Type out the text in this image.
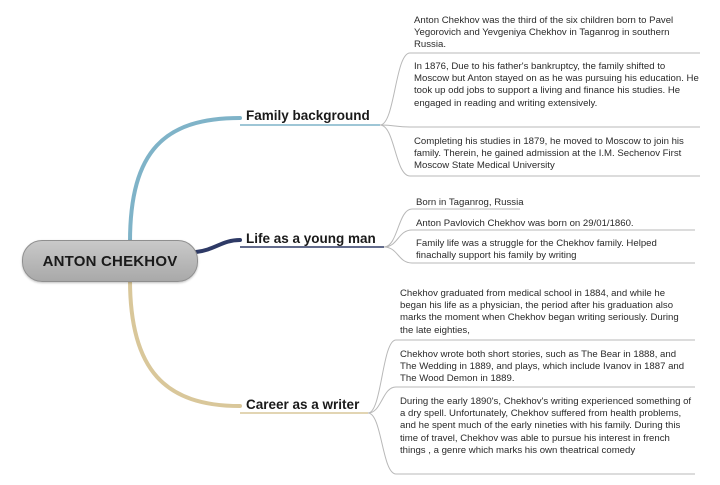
ANTON CHEKHOV
Family background
Life as a young man
Career as a writer
Anton Chekhov was the third of the six children born to Pavel Yegorovich and Yevgeniya Chekhov in Taganrog in southern Russia.
In 1876, Due to his father's bankruptcy, the family shifted to Moscow but Anton stayed on as he was pursuing his education. He took up odd jobs to support a living and finance his studies. He engaged in reading and writing extensively.
Completing his studies in 1879, he moved to Moscow to join his family. Therein, he gained admission at the I.M. Sechenov First Moscow State Medical University
Born in Taganrog, Russia
Anton Pavlovich Chekhov was born on 29/01/1860.
Family life was a struggle for the Chekhov family. Helped finachally support his family by writing
Chekhov graduated from medical school in 1884, and while he began his life as a physician, the period after his graduation also marks the moment when Chekhov began writing seriously. During the late eighties,
Chekhov wrote both short stories, such as The Bear in 1888, and The Wedding in 1889, and plays, which include Ivanov in 1887 and The Wood Demon in 1889.
During the early 1890's, Chekhov's writing experienced something of a dry spell. Unfortunately, Chekhov suffered from health problems, and he spent much of the early nineties with his family. During this time of travel, Chekhov was able to pursue his interest in french things , a genre which marks his own theatrical comedy
